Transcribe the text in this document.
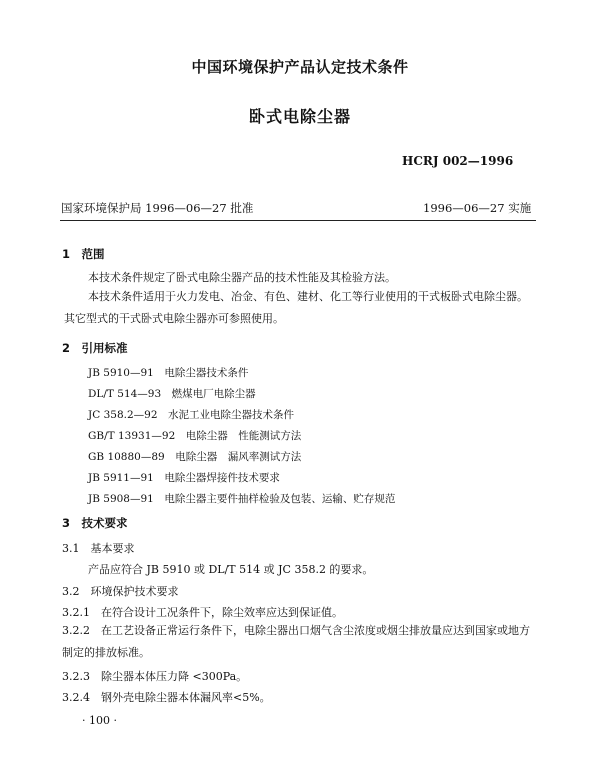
中国环境保护产品认定技术条件
卧式电除尘器
HCRJ 002—1996
国家环境保护局 1996—06—27 批准	1996—06—27 实施
1　范围
本技术条件规定了卧式电除尘器产品的技术性能及其检验方法。
本技术条件适用于火力发电、冶金、有色、建材、化工等行业使用的干式板卧式电除尘器。其它型式的干式卧式电除尘器亦可参照使用。
2　引用标准
JB 5910—91　电除尘器技术条件
DL/T 514—93　燃煤电厂电除尘器
JC 358.2—92　水泥工业电除尘器技术条件
GB/T 13931—92　电除尘器　性能测试方法
GB 10880—89　电除尘器　漏风率测试方法
JB 5911—91　电除尘器焊接件技术要求
JB 5908—91　电除尘器主要件抽样检验及包装、运输、贮存规范
3　技术要求
3.1　基本要求
产品应符合 JB 5910 或 DL/T 514 或 JC 358.2 的要求。
3.2　环境保护技术要求
3.2.1　在符合设计工况条件下，除尘效率应达到保证值。
3.2.2　在工艺设备正常运行条件下，电除尘器出口烟气含尘浓度或烟尘排放量应达到国家或地方制定的排放标准。
3.2.3　除尘器本体压力降 <300Pa。
3.2.4　钢外壳电除尘器本体漏风率<5%。
· 100 ·
